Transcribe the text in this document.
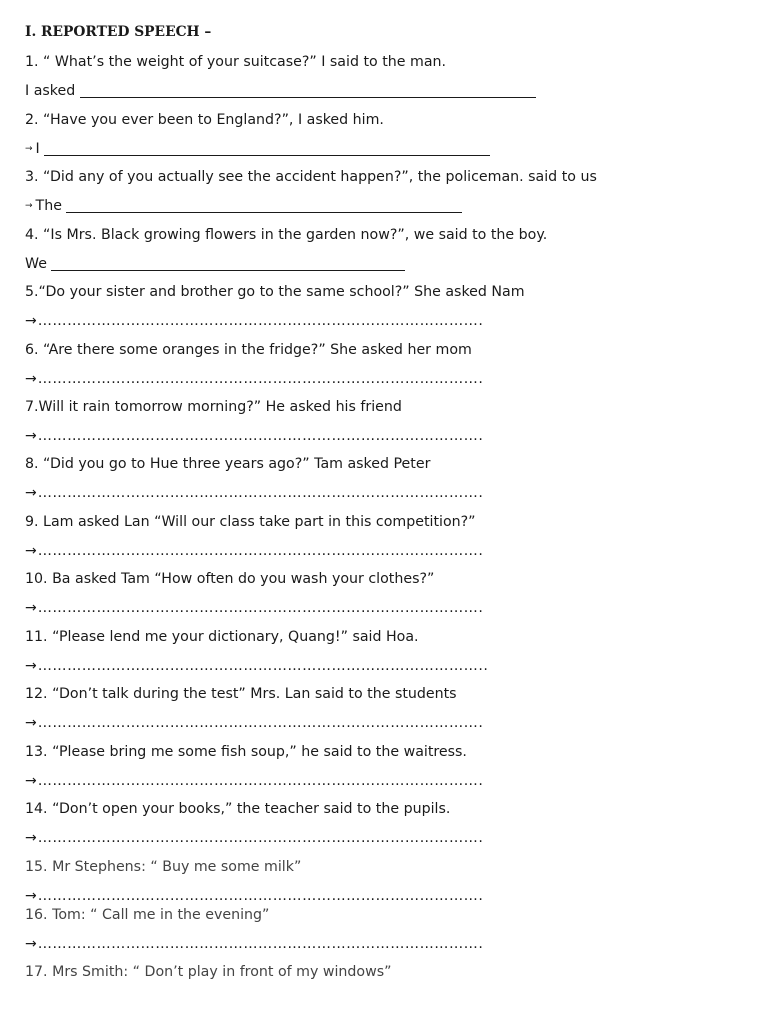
I. REPORTED SPEECH –
1. “ What’s the weight of your suitcase?” I said to the man.
I asked
2. “Have you ever been to England?”, I asked him.
→ I
3. “Did any of you actually see the accident happen?”, the policeman. said to us
→ The
4. “Is Mrs. Black growing flowers in the garden now?”, we said to the boy.
We
5.“Do your sister and brother go to the same school?” She asked Nam
→……………………………………………………………………………….
6. “Are there some oranges in the fridge?” She asked her mom
→……………………………………………………………………………….
7.Will it rain tomorrow morning?” He asked his friend
→……………………………………………………………………………….
8. “Did you go to Hue three years ago?” Tam asked Peter
→……………………………………………………………………………….
9. Lam asked Lan “Will our class take part in this competition?”
→……………………………………………………………………………….
10. Ba asked Tam “How often do you wash your clothes?”
→……………………………………………………………………………….
11. “Please lend me your dictionary, Quang!” said Hoa.
→………………………………………………………………………………..
12. “Don’t talk during the test” Mrs. Lan said to the students
→……………………………………………………………………………….
13. “Please bring me some fish soup,” he said to the waitress.
→……………………………………………………………………………….
14. “Don’t open your books,” the teacher said to the pupils.
→……………………………………………………………………………….
15. Mr Stephens: “ Buy me some milk”
→……………………………………………………………………………….
16. Tom: “ Call me in the evening”
→……………………………………………………………………………….
17. Mrs Smith: “ Don’t play in front of my windows”
